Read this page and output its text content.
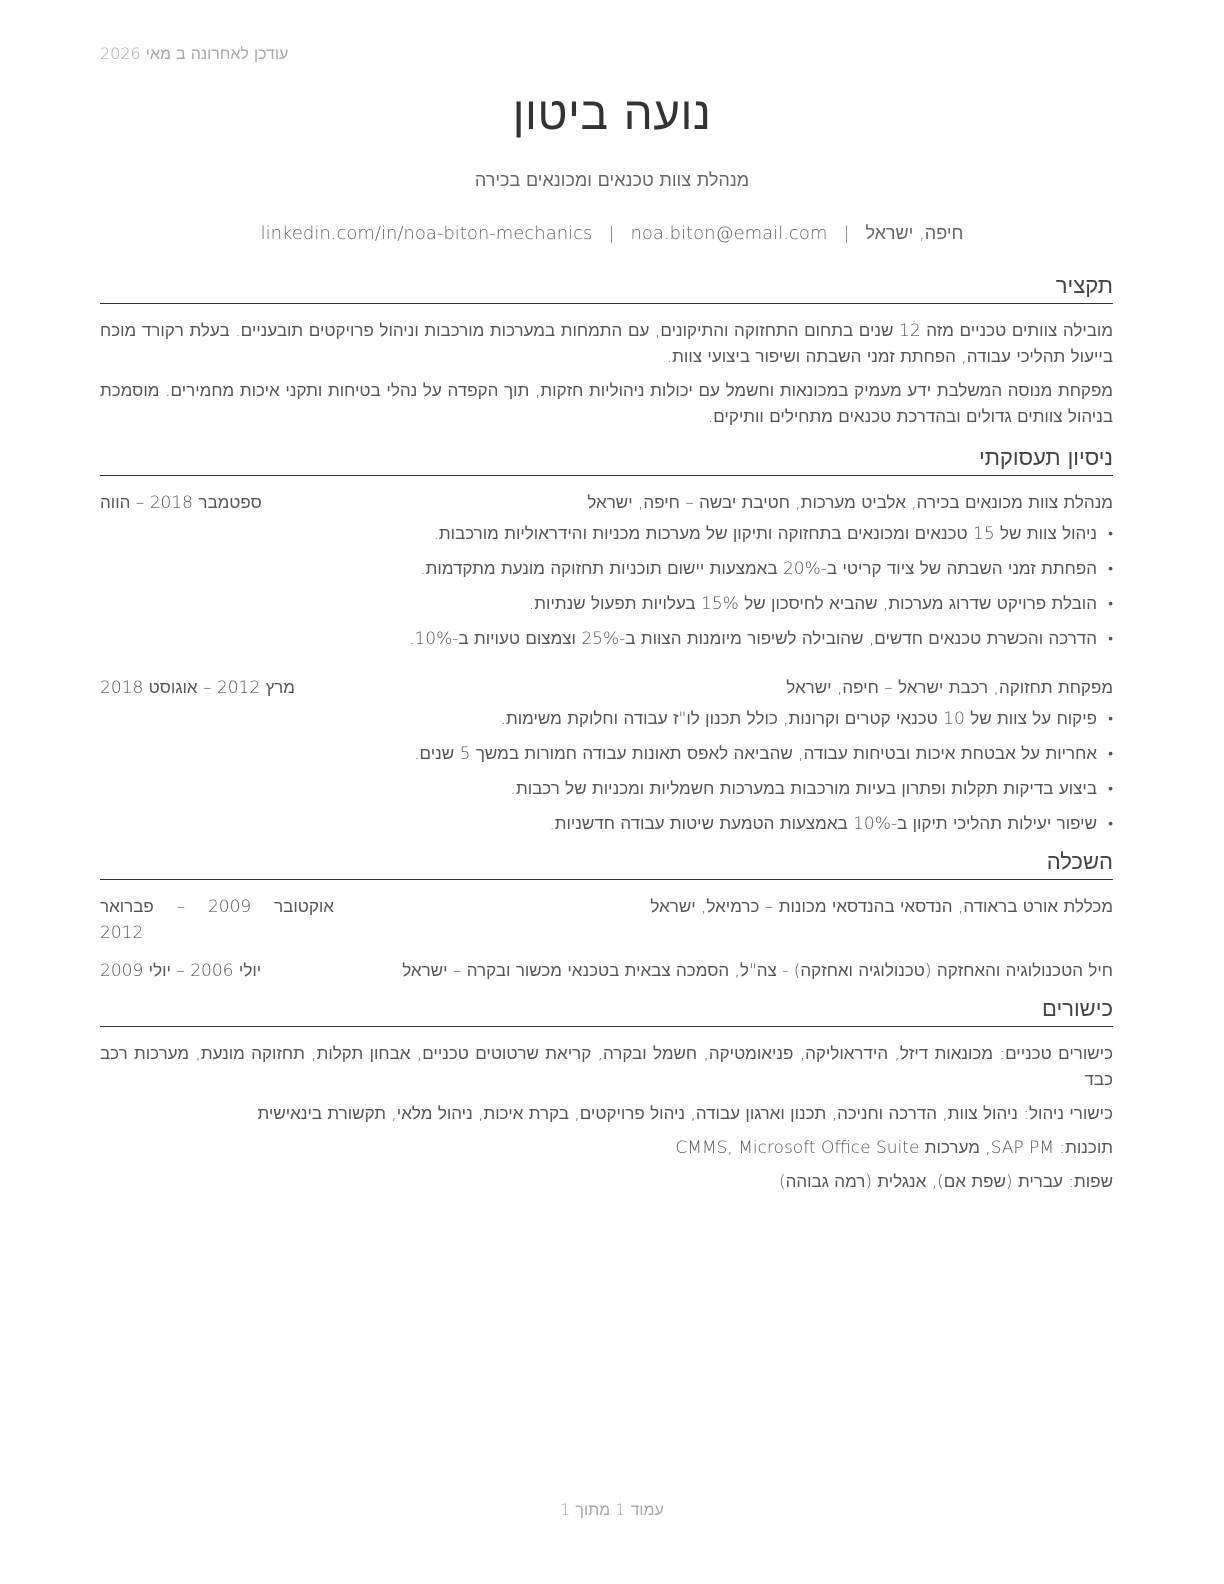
עודכן לאחרונה ב מאי 2026
נועה ביטון
מנהלת צוות טכנאים ומכונאים בכירה
חיפה, ישראל|noa.biton@email.com|linkedin.com/in/noa-biton-mechanics
תקציר

מובילה צוותים טכניים מזה 12 שנים בתחום התחזוקה והתיקונים, עם התמחות במערכות מורכבות וניהול פרויקטים תובעניים. בעלת רקורד מוכח בייעול תהליכי עבודה, הפחתת זמני השבתה ושיפור ביצועי צוות.

מפקחת מנוסה המשלבת ידע מעמיק במכונאות וחשמל עם יכולות ניהוליות חזקות, תוך הקפדה על נהלי בטיחות ותקני איכות מחמירים. מוסמכת בניהול צוותים גדולים ובהדרכת טכנאים מתחילים וותיקים.

ניסיון תעסוקתי
מנהלת צוות מכונאים בכירה, אלביט מערכות, חטיבת יבשה – חיפה, ישראל
•
ניהול צוות של 15 טכנאים ומכונאים בתחזוקה ותיקון של מערכות מכניות והידראוליות מורכבות.
•
הפחתת זמני השבתה של ציוד קריטי ב-20% באמצעות יישום תוכניות תחזוקה מונעת מתקדמות.
•
הובלת פרויקט שדרוג מערכות, שהביא לחיסכון של 15% בעלויות תפעול שנתיות.
•
הדרכה והכשרת טכנאים חדשים, שהובילה לשיפור מיומנות הצוות ב-25% וצמצום טעויות ב-10%.
ספטמבר 2018 – הווה
מפקחת תחזוקה, רכבת ישראל – חיפה, ישראל
•
פיקוח על צוות של 10 טכנאי קטרים וקרונות, כולל תכנון לו"ז עבודה וחלוקת משימות.
•
אחריות על אבטחת איכות ובטיחות עבודה, שהביאה לאפס תאונות עבודה חמורות במשך 5 שנים.
•
ביצוע בדיקות תקלות ופתרון בעיות מורכבות במערכות חשמליות ומכניות של רכבות.
•
שיפור יעילות תהליכי תיקון ב-10% באמצעות הטמעת שיטות עבודה חדשניות.
מרץ 2012 – אוגוסט 2018
השכלה
מכללת אורט בראודה, הנדסאי בהנדסאי מכונות – כרמיאל, ישראל
אוקטובר 2009 – פברואר
2012
חיל הטכנולוגיה והאחזקה (טכנולוגיה ואחזקה) - צה"ל, הסמכה צבאית בטכנאי מכשור ובקרה – ישראל
יולי 2006 – יולי 2009
כישורים

כישורים טכניים: מכונאות דיזל, הידראוליקה, פניאומטיקה, חשמל ובקרה, קריאת שרטוטים טכניים, אבחון תקלות, תחזוקה מונעת, מערכות רכב כבד

כישורי ניהול: ניהול צוות, הדרכה וחניכה, תכנון וארגון עבודה, ניהול פרויקטים, בקרת איכות, ניהול מלאי, תקשורת בינאישית

תוכנות: SAP PM, מערכות CMMS, Microsoft Office Suite

שפות: עברית (שפת אם), אנגלית (רמה גבוהה)

עמוד 1 מתוך 1
